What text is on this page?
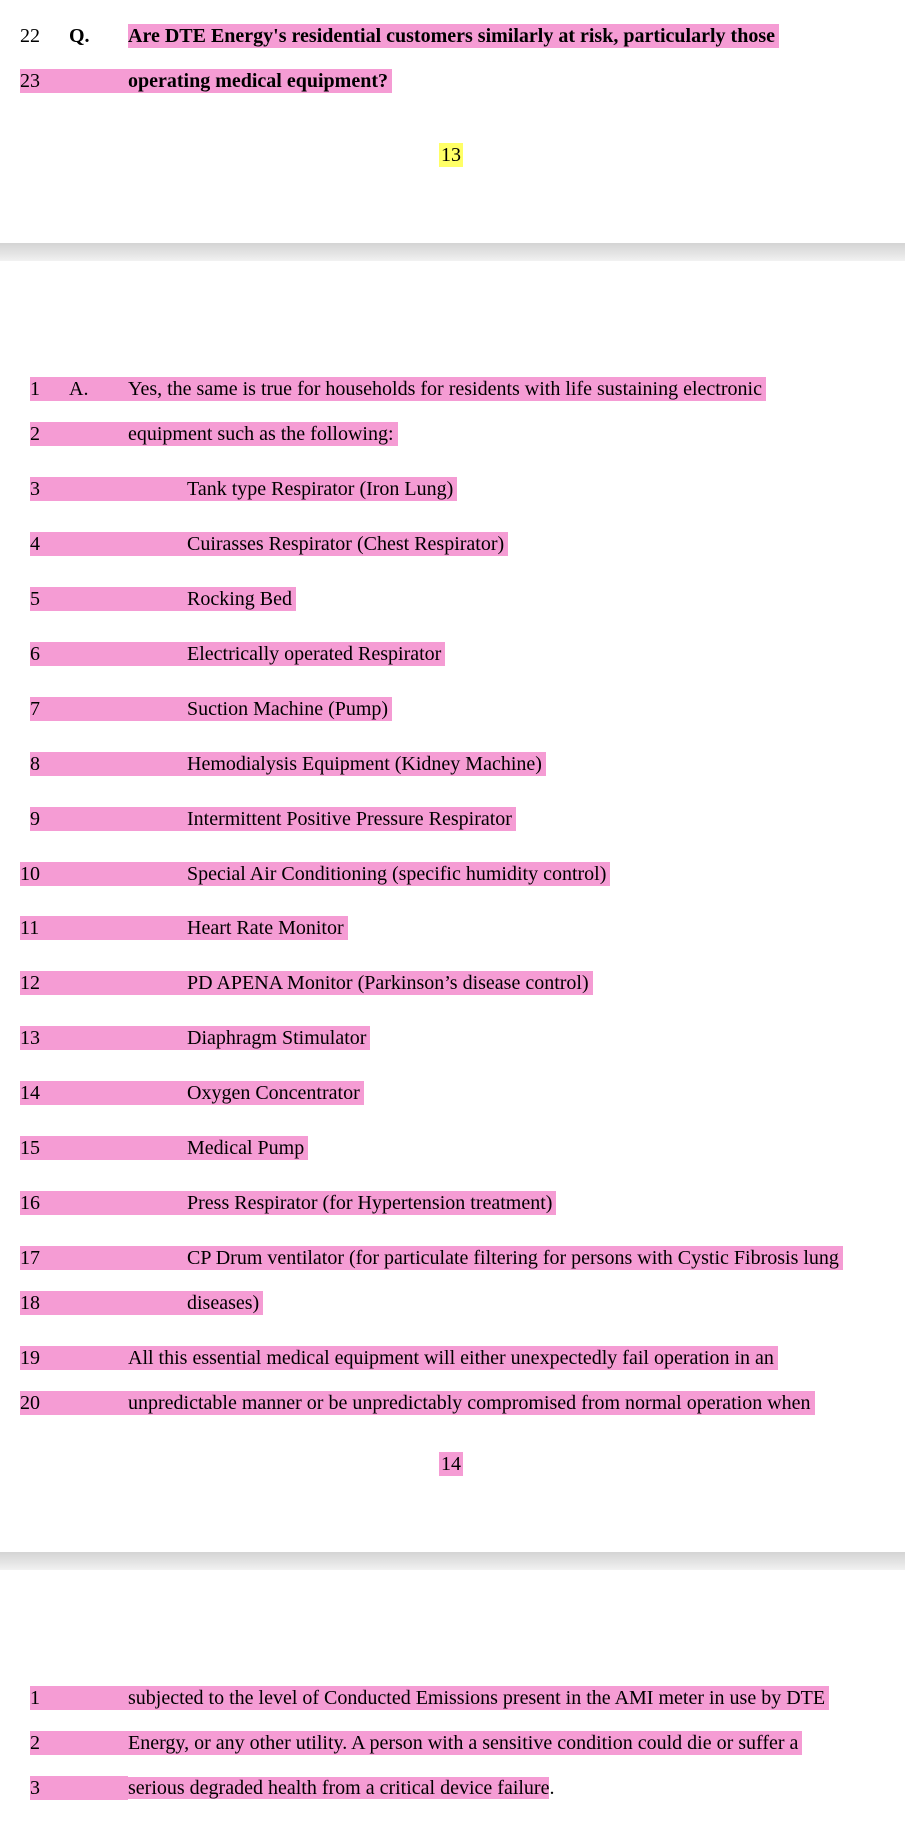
22 Q. Are DTE Energy's residential customers similarly at risk, particularly those
23	operating medical equipment?
13
1	A.	Yes, the same is true for households for residents with life sustaining electronic
2	equipment such as the following:
3	Tank type Respirator (Iron Lung)
4	Cuirasses Respirator (Chest Respirator)
5	Rocking Bed
6	Electrically operated Respirator
7	Suction Machine (Pump)
8	Hemodialysis Equipment (Kidney Machine)
9	Intermittent Positive Pressure Respirator
10	Special Air Conditioning (specific humidity control)
11	Heart Rate Monitor
12	PD APENA Monitor (Parkinson’s disease control)
13	Diaphragm Stimulator
14	Oxygen Concentrator
15	Medical Pump
16	Press Respirator (for Hypertension treatment)
17	CP Drum ventilator (for particulate filtering for persons with Cystic Fibrosis lung
18	diseases)
19	All this essential medical equipment will either unexpectedly fail operation in an
20	unpredictable manner or be unpredictably compromised from normal operation when
14
1	subjected to the level of Conducted Emissions present in the AMI meter in use by DTE
2	Energy, or any other utility. A person with a sensitive condition could die or suffer a
3	serious degraded health from a critical device failure.
